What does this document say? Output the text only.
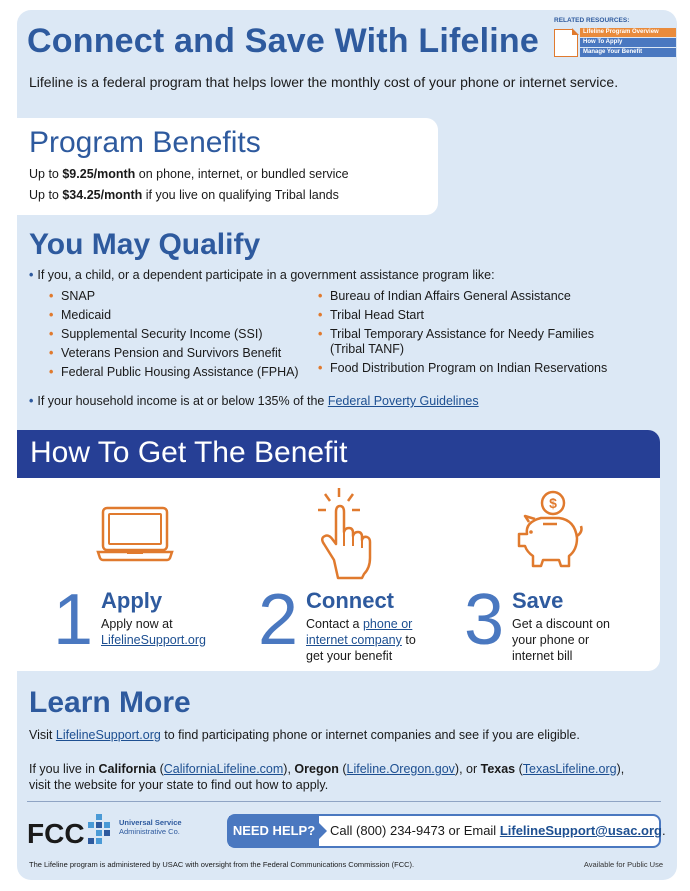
Connect and Save With Lifeline

Lifeline is a federal program that helps lower the monthly cost of your phone or internet service.

RELATED RESOURCES:
Lifeline Program Overview
How To Apply
Manage Your Benefit
Program Benefits
Up to $9.25/month on phone, internet, or bundled service
Up to $34.25/month if you live on qualifying Tribal lands
You May Qualify
• If you, a child, or a dependent participate in a government assistance program like:
• SNAP
• Medicaid
• Supplemental Security Income (SSI)
• Veterans Pension and Survivors Benefit
• Federal Public Housing Assistance (FPHA)
• Bureau of Indian Affairs General Assistance
• Tribal Head Start
• Tribal Temporary Assistance for Needy Families (Tribal TANF)
• Food Distribution Program on Indian Reservations
• If your household income is at or below 135% of the Federal Poverty Guidelines
How To Get The Benefit
$
1 Apply
Apply now at
LifelineSupport.org 2 Connect
Contact a phone or internet company to get your benefit 3 Save
Get a discount on your phone or internet bill
Learn More

Visit LifelineSupport.org to find participating phone or internet companies and see if you are eligible.

If you live in California (CaliforniaLifeline.com), Oregon (Lifeline.Oregon.gov), or Texas (TexasLifeline.org),
visit the website for your state to find out how to apply.

FCC	Universal Service
Administrative Co.	NEED HELP? Call (800) 234-9473 or Email LifelineSupport@usac.org.
The Lifeline program is administered by USAC with oversight from the Federal Communications Commission (FCC).	Available for Public Use
